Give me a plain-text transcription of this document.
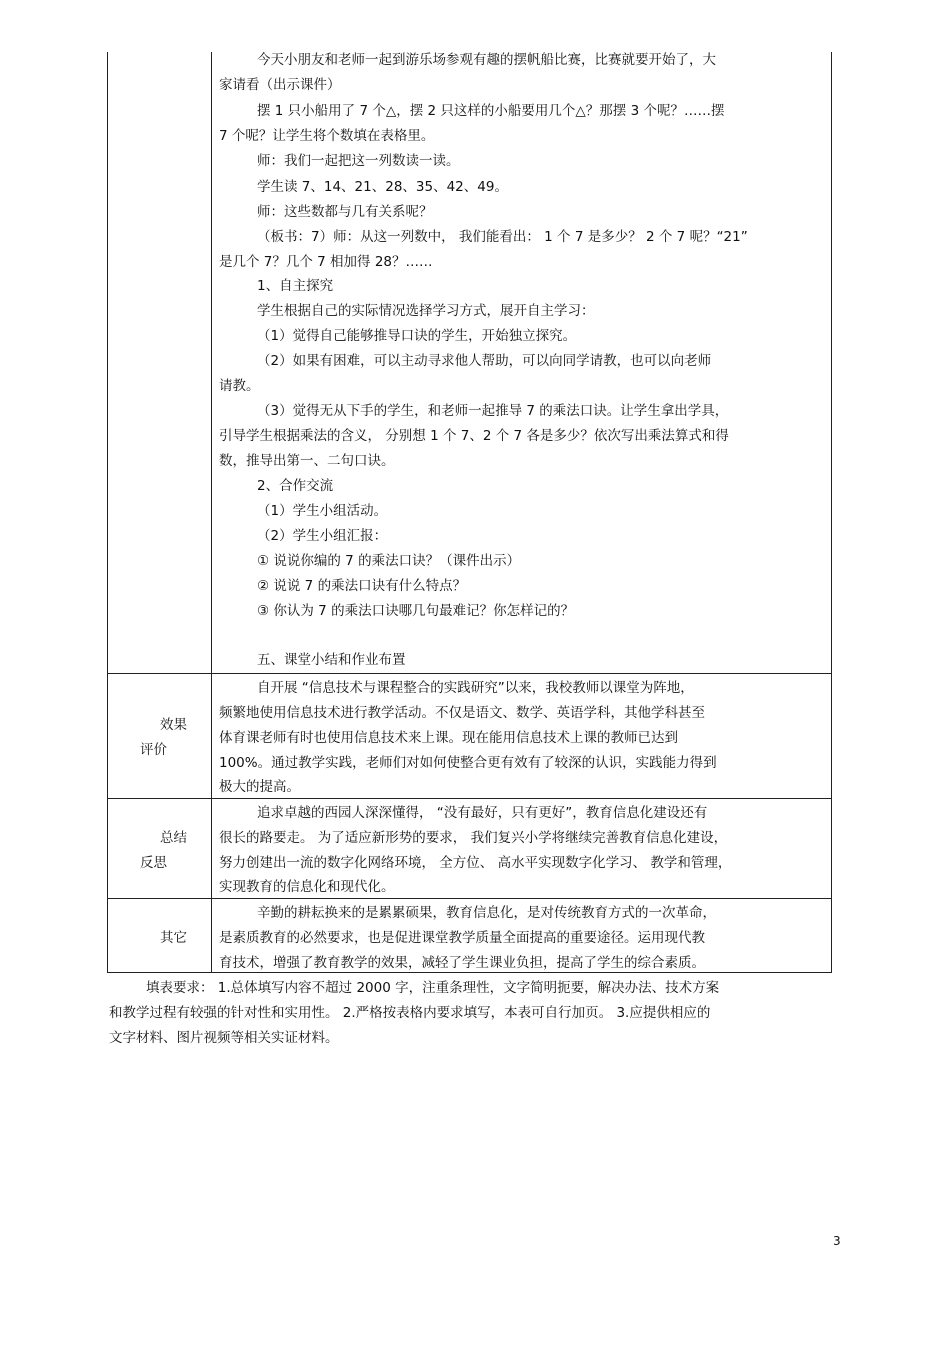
今天小朋友和老师一起到游乐场参观有趣的摆帆船比赛，比赛就要开始了，大
家请看（出示课件）
摆 1 只小船用了 7 个△，摆 2 只这样的小船要用几个△？那摆 3 个呢？……摆
7 个呢？让学生将个数填在表格里。
师：我们一起把这一列数读一读。
学生读 7、14、21、28、35、42、49。
师：这些数都与几有关系呢？
（板书：7）师：从这一列数中， 我们能看出： 1 个 7 是多少？ 2 个 7 呢？“21”
是几个 7？几个 7 相加得 28？……
1、自主探究
学生根据自己的实际情况选择学习方式，展开自主学习：
（1）觉得自己能够推导口诀的学生，开始独立探究。
（2）如果有困难，可以主动寻求他人帮助，可以向同学请教，也可以向老师
请教。
（3）觉得无从下手的学生，和老师一起推导 7 的乘法口诀。让学生拿出学具，
引导学生根据乘法的含义， 分别想 1 个 7、2 个 7 各是多少？依次写出乘法算式和得
数，推导出第一、二句口诀。
2、合作交流
（1）学生小组活动。
（2）学生小组汇报：
① 说说你编的 7 的乘法口诀？（课件出示）
② 说说 7 的乘法口诀有什么特点？
③ 你认为 7 的乘法口诀哪几句最难记？你怎样记的？
五、课堂小结和作业布置
效果
评价
自开展 “信息技术与课程整合的实践研究”以来，我校教师以课堂为阵地，
频繁地使用信息技术进行教学活动。不仅是语文、数学、英语学科，其他学科甚至
体育课老师有时也使用信息技术来上课。现在能用信息技术上课的教师已达到
100%。通过教学实践，老师们对如何使整合更有效有了较深的认识，实践能力得到
极大的提高。
总结
反思
追求卓越的西园人深深懂得， “没有最好，只有更好”，教育信息化建设还有
很长的路要走。 为了适应新形势的要求， 我们复兴小学将继续完善教育信息化建设，
努力创建出一流的数字化网络环境， 全方位、 高水平实现数字化学习、 教学和管理，
实现教育的信息化和现代化。
其它
辛勤的耕耘换来的是累累硕果，教育信息化，是对传统教育方式的一次革命，
是素质教育的必然要求，也是促进课堂教学质量全面提高的重要途径。运用现代教
育技术，增强了教育教学的效果，减轻了学生课业负担，提高了学生的综合素质。
填表要求： 1.总体填写内容不超过 2000 字，注重条理性，文字简明扼要，解决办法、技术方案
和教学过程有较强的针对性和实用性。 2.严格按表格内要求填写，本表可自行加页。 3.应提供相应的
文字材料、图片视频等相关实证材料。
3
